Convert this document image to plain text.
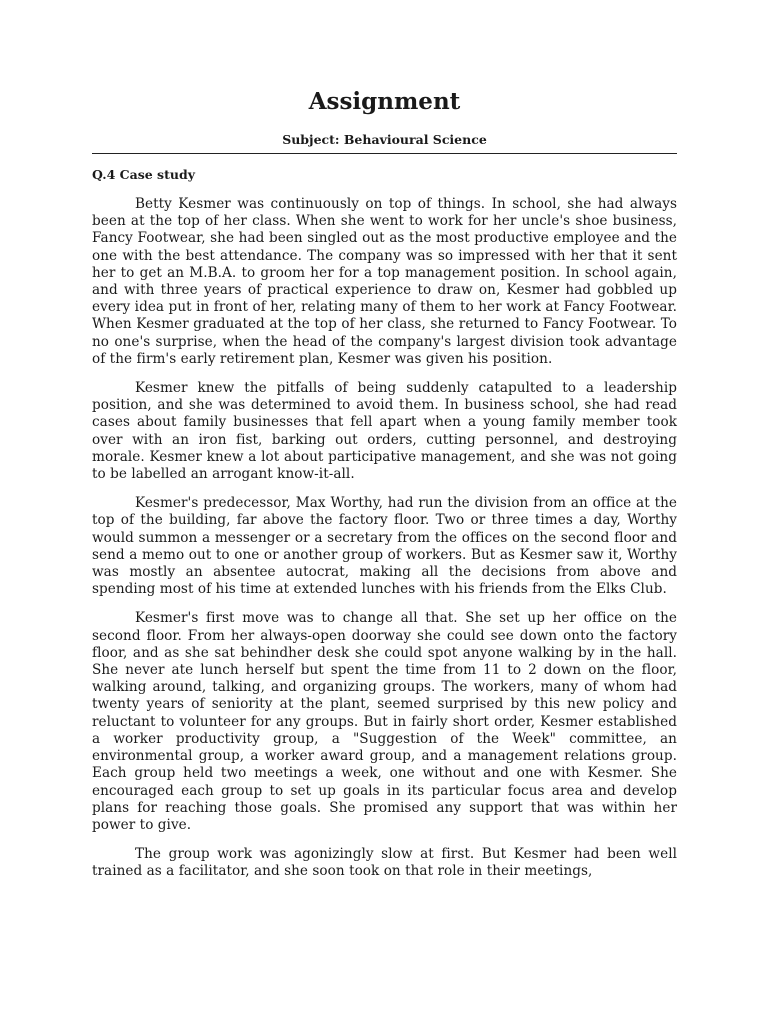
Assignment
Subject: Behavioural Science
Q.4 Case study

Betty Kesmer was continuously on top of things. In school, she had always been at the top of her class. When she went to work for her uncle's shoe business, Fancy Footwear, she had been singled out as the most productive employee and the one with the best attendance. The company was so impressed with her that it sent her to get an M.B.A. to groom her for a top management position. In school again, and with three years of practical experience to draw on, Kesmer had gobbled up every idea put in front of her, relating many of them to her work at Fancy Footwear. When Kesmer graduated at the top of her class, she returned to Fancy Footwear. To no one's surprise, when the head of the company's largest division took advantage of the firm's early retirement plan, Kesmer was given his position.

Kesmer knew the pitfalls of being suddenly catapulted to a leadership position, and she was determined to avoid them. In business school, she had read cases about family businesses that fell apart when a young family member took over with an iron fist, barking out orders, cutting personnel, and destroying morale. Kesmer knew a lot about participative management, and she was not going to be labelled an arrogant know-it-all.

Kesmer's predecessor, Max Worthy, had run the division from an office at the top of the building, far above the factory floor. Two or three times a day, Worthy would summon a messenger or a secretary from the offices on the second floor and send a memo out to one or another group of workers. But as Kesmer saw it, Worthy was mostly an absentee autocrat, making all the decisions from above and spending most of his time at extended lunches with his friends from the Elks Club.

Kesmer's first move was to change all that. She set up her office on the second floor. From her always-open doorway she could see down onto the factory floor, and as she sat behindher desk she could spot anyone walking by in the hall. She never ate lunch herself but spent the time from 11 to 2 down on the floor, walking around, talking, and organizing groups. The workers, many of whom had twenty years of seniority at the plant, seemed surprised by this new policy and reluctant to volunteer for any groups. But in fairly short order, Kesmer established a worker productivity group, a "Suggestion of the Week" committee, an environmental group, a worker award group, and a management relations group. Each group held two meetings a week, one without and one with Kesmer. She encouraged each group to set up goals in its particular focus area and develop plans for reaching those goals. She promised any support that was within her power to give.

The group work was agonizingly slow at first. But Kesmer had been well trained as a facilitator, and she soon took on that role in their meetings,
